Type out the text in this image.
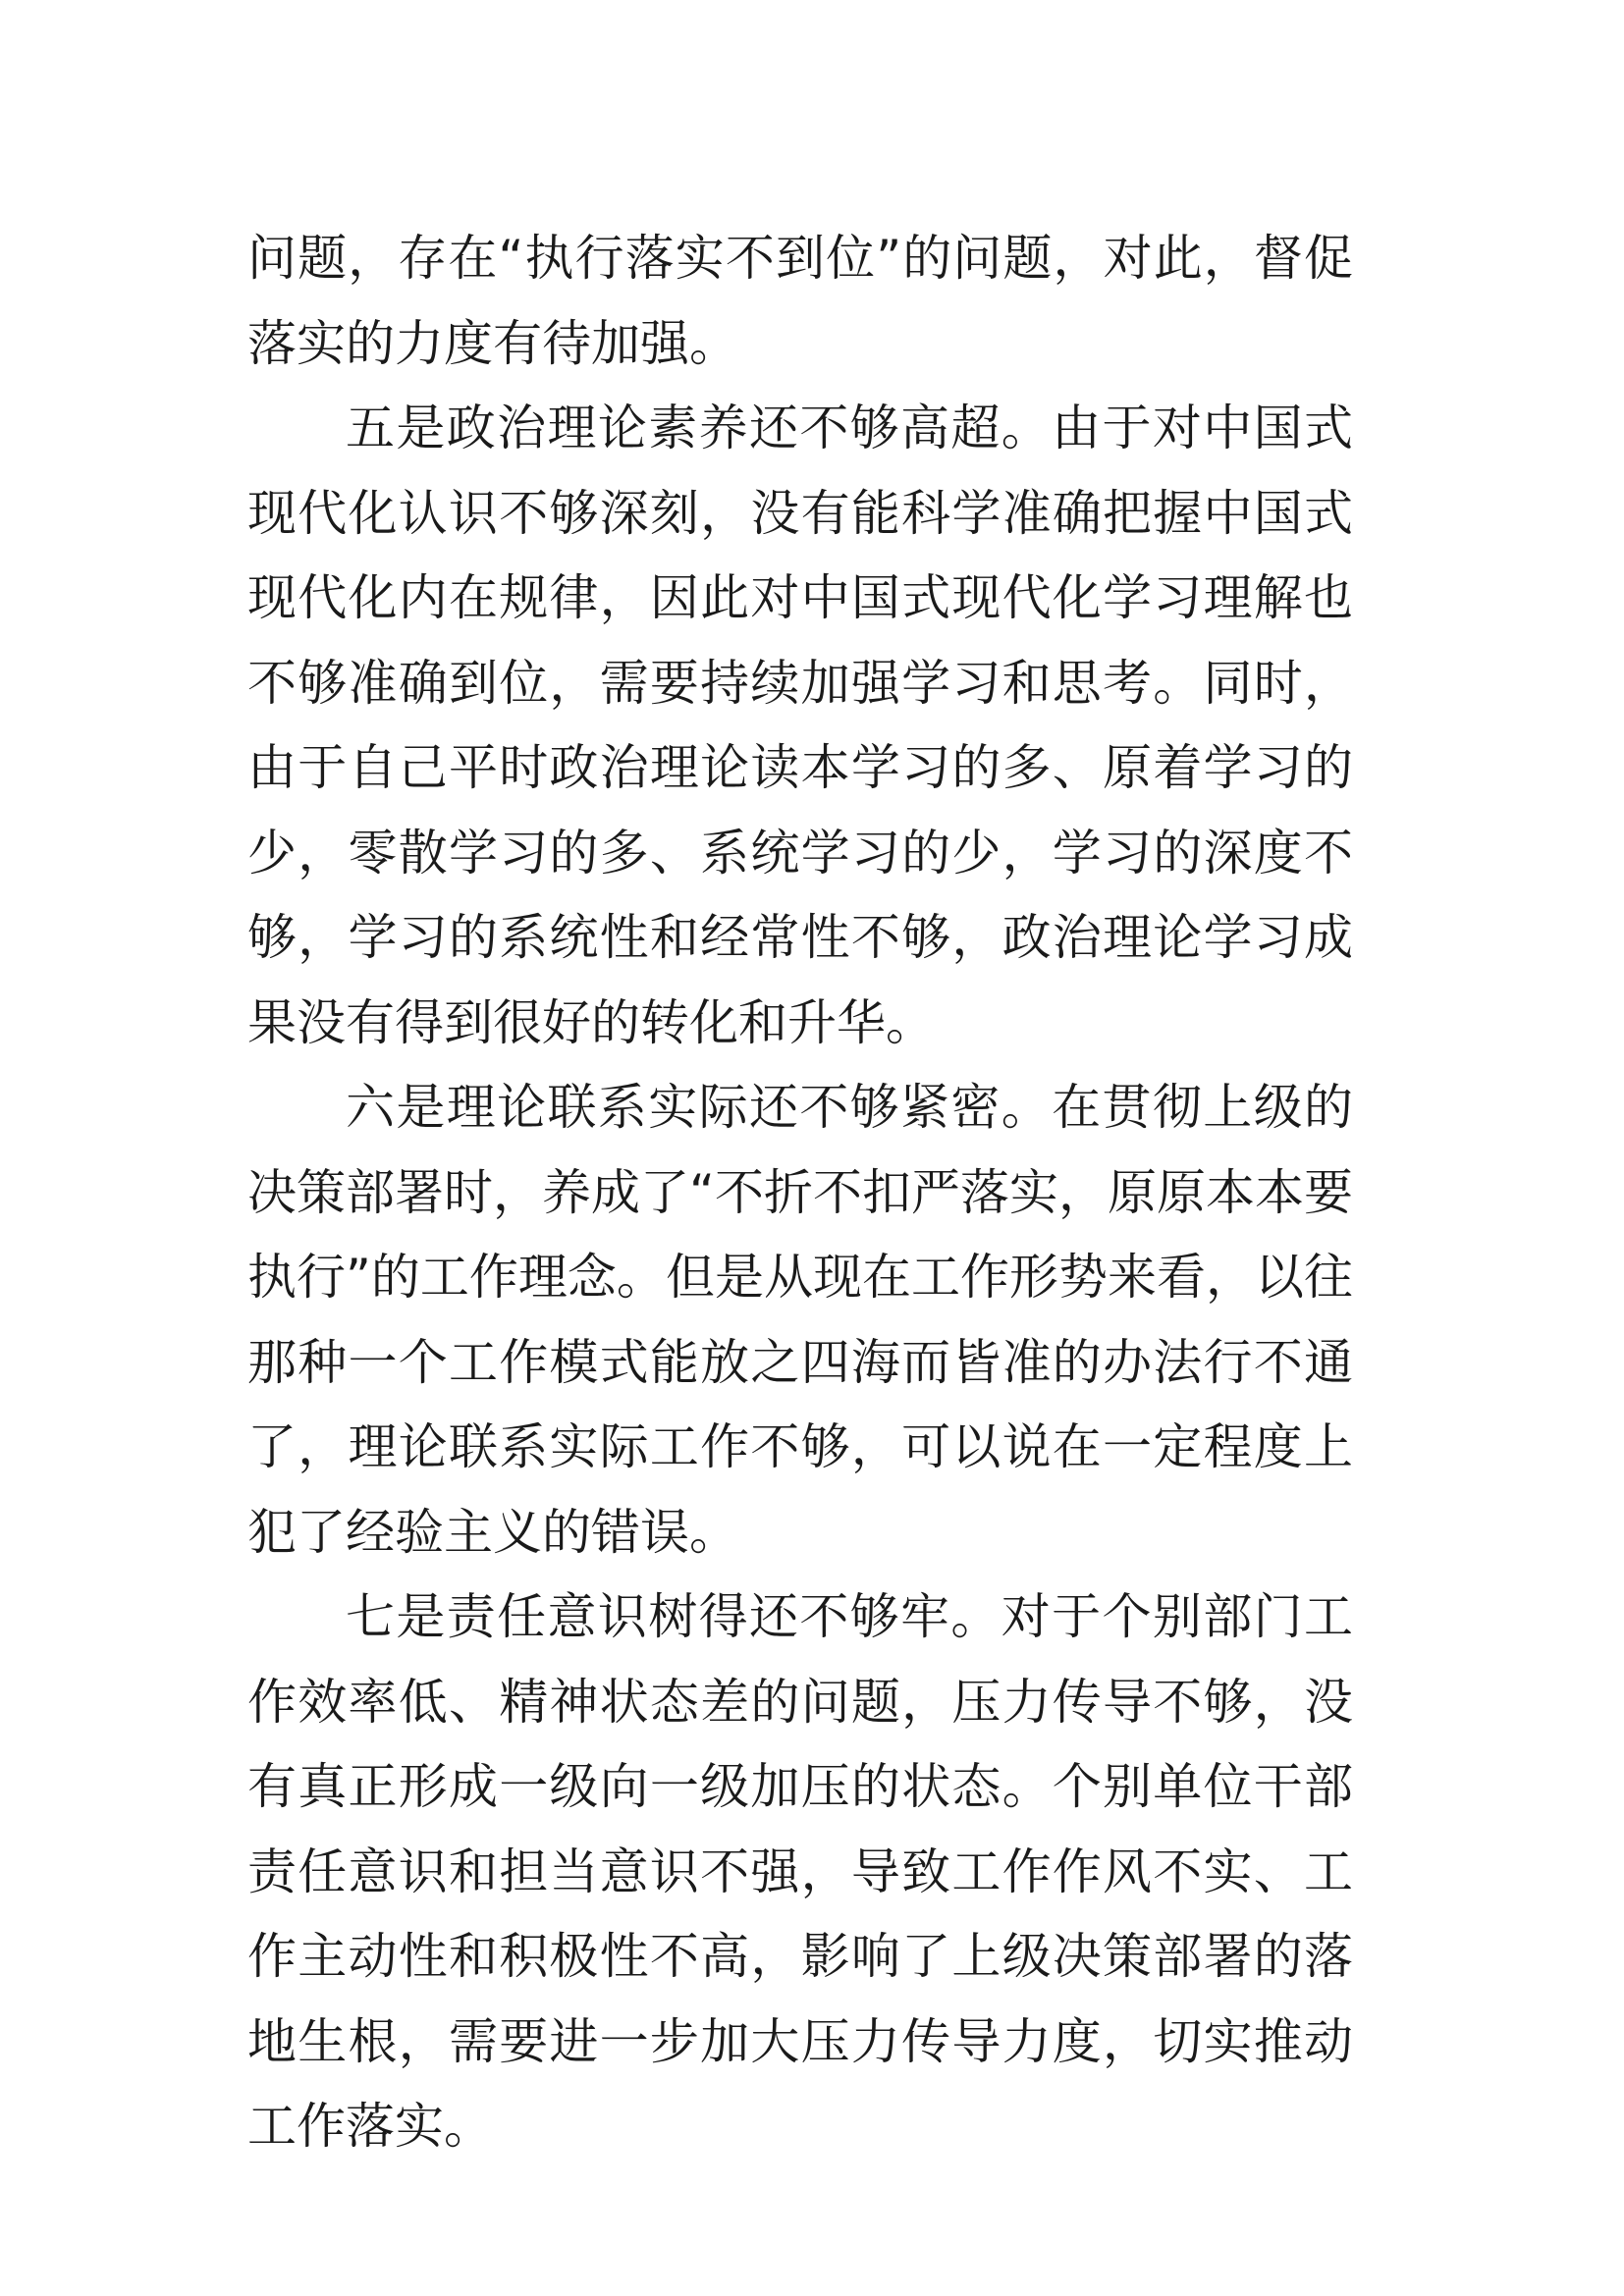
问题，存在“执行落实不到位”的问题，对此，督促落实的力度有待加强。

五是政治理论素养还不够高超。由于对中国式现代化认识不够深刻，没有能科学准确把握中国式现代化内在规律，因此对中国式现代化学习理解也不够准确到位，需要持续加强学习和思考。同时，由于自己平时政治理论读本学习的多、原着学习的少，零散学习的多、系统学习的少，学习的深度不够，学习的系统性和经常性不够，政治理论学习成果没有得到很好的转化和升华。

六是理论联系实际还不够紧密。在贯彻上级的决策部署时，养成了“不折不扣严落实，原原本本要执行”的工作理念。但是从现在工作形势来看，以往那种一个工作模式能放之四海而皆准的办法行不通了，理论联系实际工作不够，可以说在一定程度上犯了经验主义的错误。

七是责任意识树得还不够牢。对于个别部门工作效率低、精神状态差的问题，压力传导不够，没有真正形成一级向一级加压的状态。个别单位干部责任意识和担当意识不强，导致工作作风不实、工作主动性和积极性不高，影响了上级决策部署的落地生根，需要进一步加大压力传导力度，切实推动工作落实。
